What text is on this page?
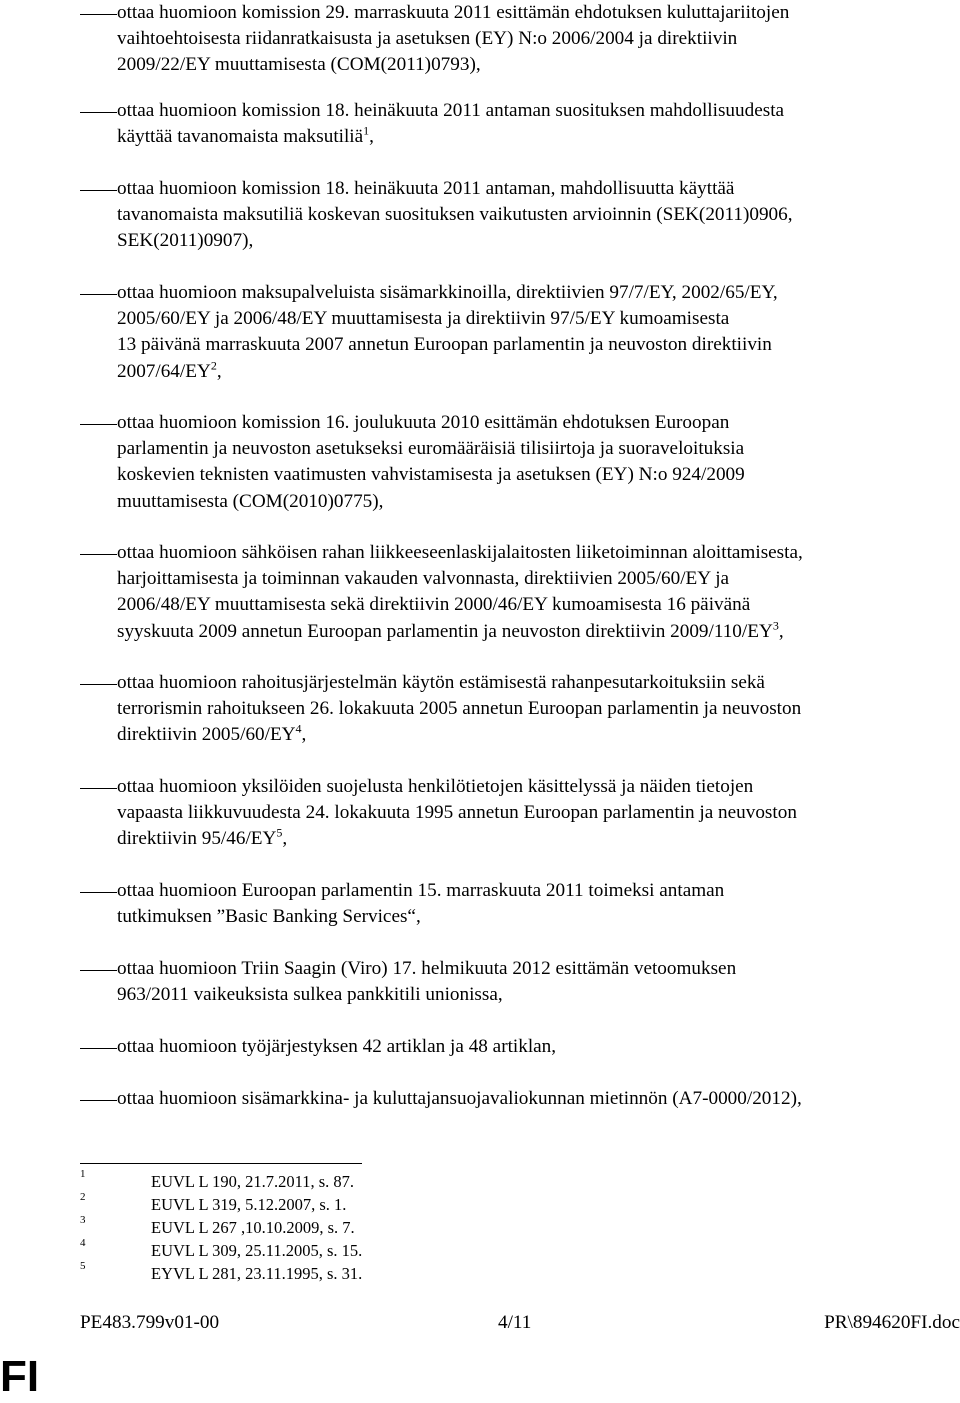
ottaa huomioon komission 29. marraskuuta 2011 esittämän ehdotuksen kuluttajariitojen
vaihtoehtoisesta riidanratkaisusta ja asetuksen (EY) N:o 2006/2004 ja direktiivin
2009/22/EY muuttamisesta (COM(2011)0793),
ottaa huomioon komission 18. heinäkuuta 2011 antaman suosituksen mahdollisuudesta
käyttää tavanomaista maksutiliä$^1$,
ottaa huomioon komission 18. heinäkuuta 2011 antaman, mahdollisuutta käyttää
tavanomaista maksutiliä koskevan suosituksen vaikutusten arvioinnin (SEK(2011)0906,
SEK(2011)0907),
ottaa huomioon maksupalveluista sisämarkkinoilla, direktiivien 97/7/EY, 2002/65/EY,
2005/60/EY ja 2006/48/EY muuttamisesta ja direktiivin 97/5/EY kumoamisesta
13 päivänä marraskuuta 2007 annetun Euroopan parlamentin ja neuvoston direktiivin
$2007/64/EY^2$,
ottaa huomioon komission 16. joulukuuta 2010 esittämän ehdotuksen Euroopan
parlamentin ja neuvoston asetukseksi euromääräisiä tilisiirtoja ja suoraveloituksia
koskevien teknisten vaatimusten vahvistamisesta ja asetuksen (EY) N:o 924/2009
muuttamisesta (COM(2010)0775),
ottaa huomioon sähköisen rahan liikkeeseenlaskijalaitosten liiketoiminnan aloittamisesta,
harjoittamisesta ja toiminnan vakauden valvonnasta, direktiivien 2005/60/EY ja
2006/48/EY muuttamisesta sekä direktiivin 2000/46/EY kumoamisesta 16 päivänä
syyskuuta 2009 annetun Euroopan parlamentin ja neuvoston direktiivin $2009/110/EY^3$,
ottaa huomioon rahoitusjärjestelmän käytön estämisestä rahanpesutarkoituksiin sekä
terrorismin rahoitukseen 26. lokakuuta 2005 annetun Euroopan parlamentin ja neuvoston
direktiivin $2005/60/EY^4$,
ottaa huomioon yksilöiden suojelusta henkilötietojen käsittelyssä ja näiden tietojen
vapaasta liikkuvuudesta 24. lokakuuta 1995 annetun Euroopan parlamentin ja neuvoston
direktiivin $95/46/EY^5$,
ottaa huomioon Euroopan parlamentin 15. marraskuuta 2011 toimeksi antaman
tutkimuksen ”Basic Banking Services“,
ottaa huomioon Triin Saagin (Viro) 17. helmikuuta 2012 esittämän vetoomuksen
963/2011 vaikeuksista sulkea pankkitili unionissa,
ottaa huomioon työjärjestyksen 42 artiklan ja 48 artiklan,
ottaa huomioon sisämarkkina- ja kuluttajansuojavaliokunnan mietinnön (A7-0000/2012),
1	EUVL L 190, 21.7.2011, s. 87.
2	EUVL L 319, 5.12.2007, s. 1.
3	EUVL L 267 ,10.10.2009, s. 7.
4	EUVL L 309, 25.11.2005, s. 15.
5	EYVL L 281, 23.11.1995, s. 31.
PE483.799v01-00	4/11	PR\894620FI.doc
FI
